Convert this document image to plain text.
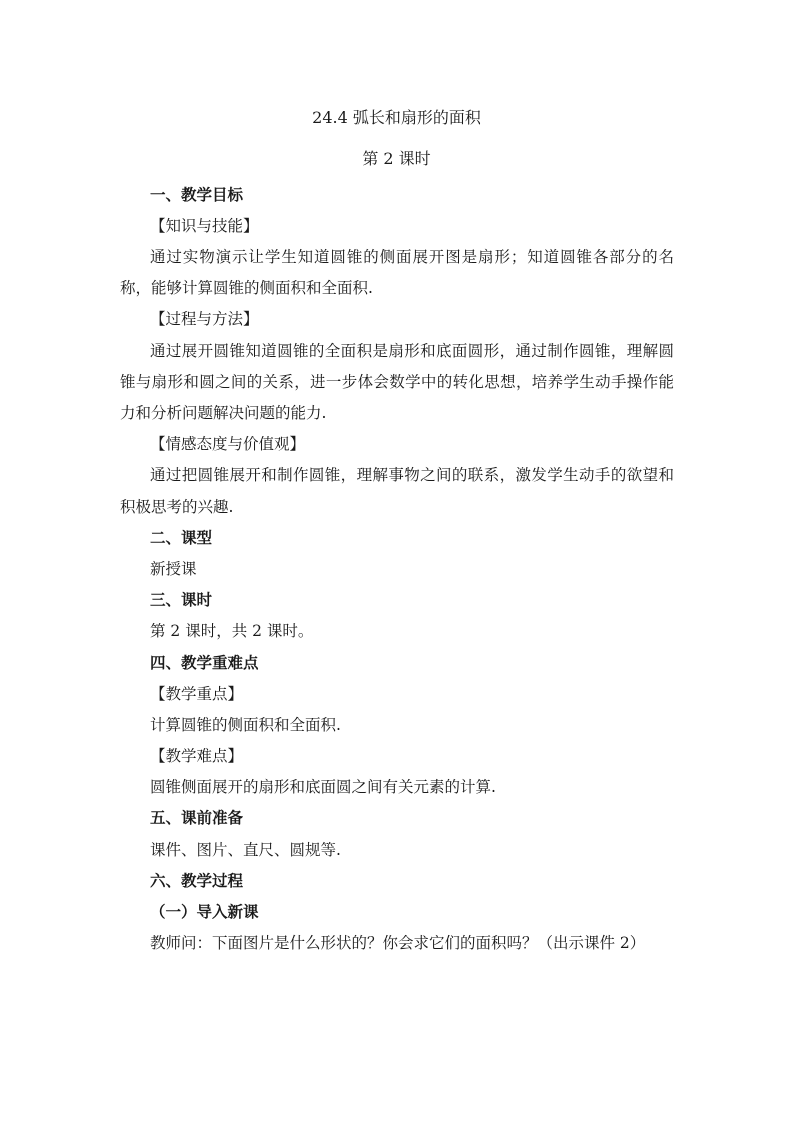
24.4 弧长和扇形的面积
第 2 课时
一、教学目标
【知识与技能】
通过实物演示让学生知道圆锥的侧面展开图是扇形；知道圆锥各部分的名
称，能够计算圆锥的侧面积和全面积.
【过程与方法】
通过展开圆锥知道圆锥的全面积是扇形和底面圆形，通过制作圆锥，理解圆
锥与扇形和圆之间的关系，进一步体会数学中的转化思想，培养学生动手操作能
力和分析问题解决问题的能力.
【情感态度与价值观】
通过把圆锥展开和制作圆锥，理解事物之间的联系，激发学生动手的欲望和
积极思考的兴趣.
二、课型
新授课
三、课时
第 2 课时，共 2 课时。
四、教学重难点
【教学重点】
计算圆锥的侧面积和全面积.
【教学难点】
圆锥侧面展开的扇形和底面圆之间有关元素的计算.
五、课前准备
课件、图片、直尺、圆规等.
六、教学过程
（一）导入新课
教师问：下面图片是什么形状的？你会求它们的面积吗？（出示课件 2）
